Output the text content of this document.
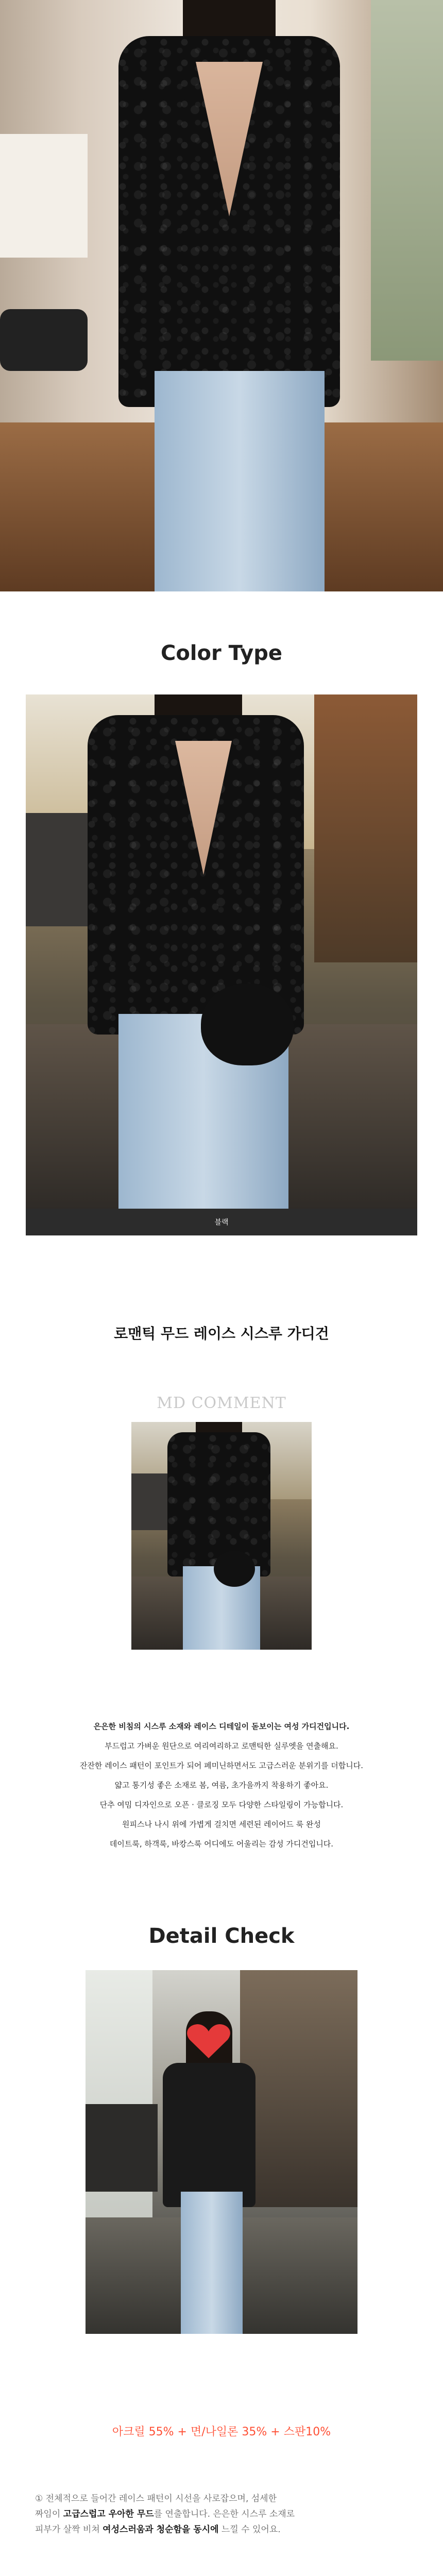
Color Type
블랙
로맨틱 무드 레이스 시스루 가디건
MD COMMENT
은은한 비침의 시스루 소재와 레이스 디테일이 돋보이는 여성 가디건입니다.
부드럽고 가벼운 원단으로 여리여리하고 로맨틱한 실루엣을 연출해요.
잔잔한 레이스 패턴이 포인트가 되어 페미닌하면서도 고급스러운 분위기를 더합니다.
얇고 통기성 좋은 소재로 봄, 여름, 초가을까지 착용하기 좋아요.
단추 여밈 디자인으로 오픈 · 클로징 모두 다양한 스타일링이 가능합니다.
원피스나 나시 위에 가볍게 걸치면 세련된 레이어드 룩 완성
데이트룩, 하객룩, 바캉스룩 어디에도 어울리는 감성 가디건입니다.
Detail Check
아크릴 55% + 면/나일론 35% + 스판10%
① 전체적으로 들어간 레이스 패턴이 시선을 사로잡으며, 섬세한
짜임이 고급스럽고 우아한 무드를 연출합니다. 은은한 시스루 소재로
피부가 살짝 비쳐 여성스러움과 청순함을 동시에 느낄 수 있어요.
